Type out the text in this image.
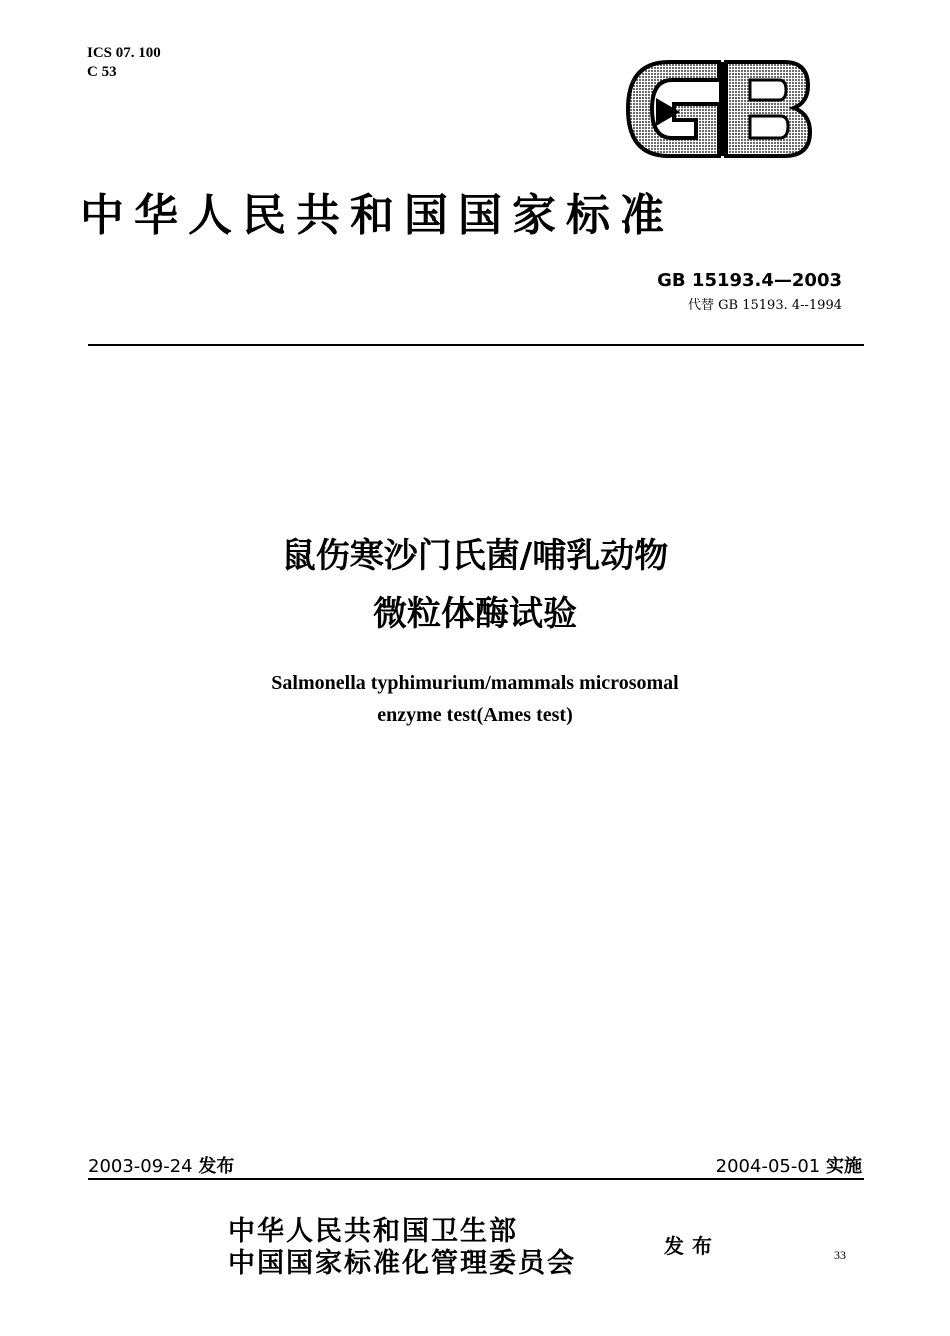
ICS 07. 100
C 53
中华人民共和国国家标准
GB 15193.4—2003
代替 GB 15193. 4--1994
鼠伤寒沙门氏菌/哺乳动物
微粒体酶试验
Salmonella typhimurium/mammals microsomal
enzyme test(Ames test)
2003-09-24 发布	2004-05-01 实施
中华人民共和国卫生部
中国国家标准化管理委员会
发布	33
